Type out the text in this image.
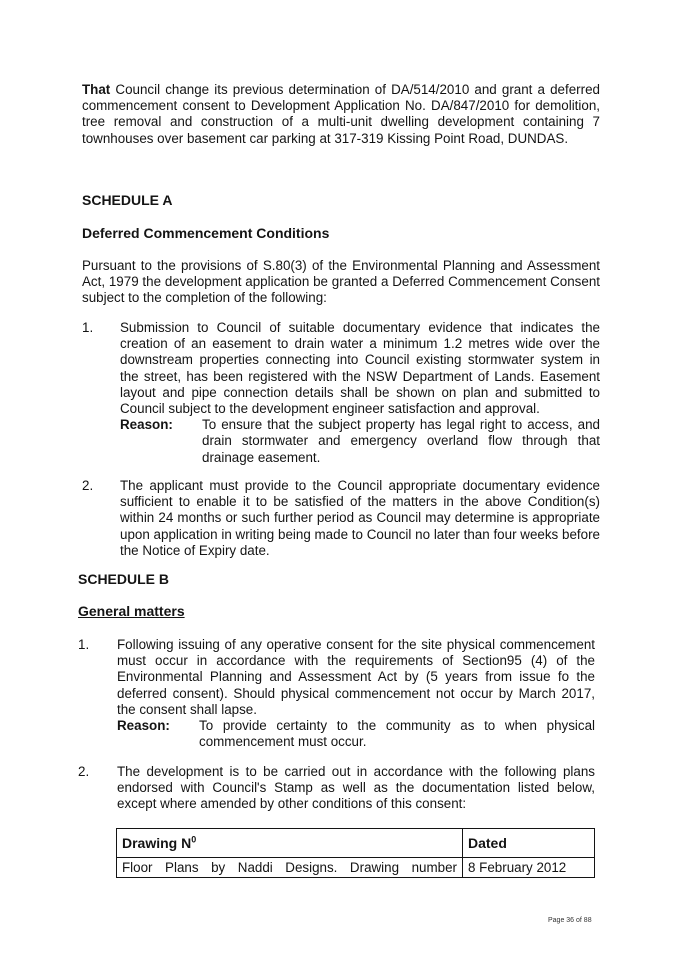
That Council change its previous determination of DA/514/2010 and grant a deferred commencement consent to Development Application No. DA/847/2010 for demolition, tree removal and construction of a multi-unit dwelling development containing 7 townhouses over basement car parking at 317-319 Kissing Point Road, DUNDAS.
SCHEDULE A
Deferred Commencement Conditions
Pursuant to the provisions of S.80(3) of the Environmental Planning and Assessment Act, 1979 the development application be granted a Deferred Commencement Consent subject to the completion of the following:
1. Submission to Council of suitable documentary evidence that indicates the creation of an easement to drain water a minimum 1.2 metres wide over the downstream properties connecting into Council existing stormwater system in the street, has been registered with the NSW Department of Lands. Easement layout and pipe connection details shall be shown on plan and submitted to Council subject to the development engineer satisfaction and approval.
Reason:	To ensure that the subject property has legal right to access, and drain stormwater and emergency overland flow through that drainage easement.
2. The applicant must provide to the Council appropriate documentary evidence sufficient to enable it to be satisfied of the matters in the above Condition(s) within 24 months or such further period as Council may determine is appropriate upon application in writing being made to Council no later than four weeks before the Notice of Expiry date.
SCHEDULE B
General matters
1. Following issuing of any operative consent for the site physical commencement must occur in accordance with the requirements of Section95 (4) of the Environmental Planning and Assessment Act by (5 years from issue fo the deferred consent). Should physical commencement not occur by March 2017, the consent shall lapse.
Reason:	To provide certainty to the community as to when physical commencement must occur.
2. The development is to be carried out in accordance with the following plans endorsed with Council's Stamp as well as the documentation listed below, except where amended by other conditions of this consent:
Drawing $N^0$	Dated
Floor Plans by Naddi Designs. Drawing number	8 February 2012
Page 36 of 88
